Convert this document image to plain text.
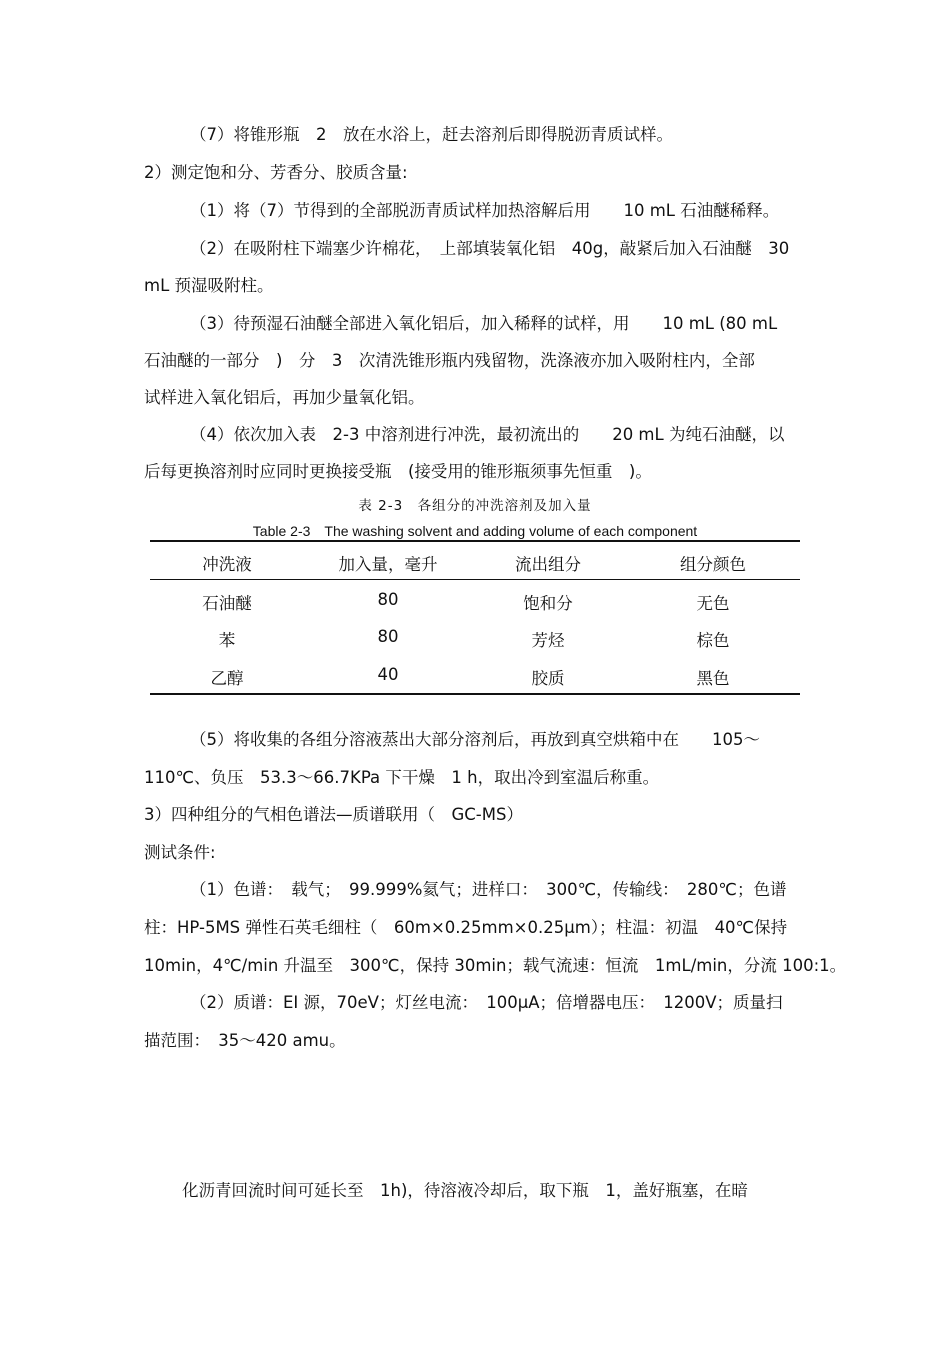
（7）将锥形瓶　2　放在水浴上，赶去溶剂后即得脱沥青质试样。
2）测定饱和分、芳香分、胶质含量:
（1）将（7）节得到的全部脱沥青质试样加热溶解后用　　10 mL 石油醚稀释。
（2）在吸附柱下端塞少许棉花，　上部填装氧化铝　40g，敲紧后加入石油醚　30
mL 预湿吸附柱。
（3）待预湿石油醚全部进入氧化铝后，加入稀释的试样，用　　10 mL (80 mL
石油醚的一部分　)　分　3　次清洗锥形瓶内残留物，洗涤液亦加入吸附柱内，全部
试样进入氧化铝后，再加少量氧化铝。
（4）依次加入表　2-3 中溶剂进行冲洗，最初流出的　　20 mL 为纯石油醚，以
后每更换溶剂时应同时更换接受瓶　(接受用的锥形瓶须事先恒重　)。
表 2-3　各组分的冲洗溶剂及加入量
Table 2-3　The washing solvent and adding volume of each component
冲洗液	加入量，毫升	流出组分	组分颜色
石油醚	80	饱和分	无色
苯	80	芳烃	棕色
乙醇	40	胶质	黑色
（5）将收集的各组分溶液蒸出大部分溶剂后，再放到真空烘箱中在　　105～
110℃、负压　53.3～66.7KPa 下干燥　1 h，取出冷到室温后称重。
3）四种组分的气相色谱法—质谱联用（　GC-MS）
测试条件:
（1）色谱：　载气；　99.999%氦气；进样口：　300℃，传输线：　280℃；色谱
柱：HP-5MS 弹性石英毛细柱（　60m×0.25mm×0.25μm）；柱温：初温　40℃保持
10min，4℃/min 升温至　300℃，保持 30min；载气流速：恒流　1mL/min，分流 100:1。
（2）质谱：EI 源，70eV；灯丝电流：　100μA；倍增器电压：　1200V；质量扫
描范围：　35～420 amu。
化沥青回流时间可延长至　1h)，待溶液冷却后，取下瓶　1，盖好瓶塞，在暗
